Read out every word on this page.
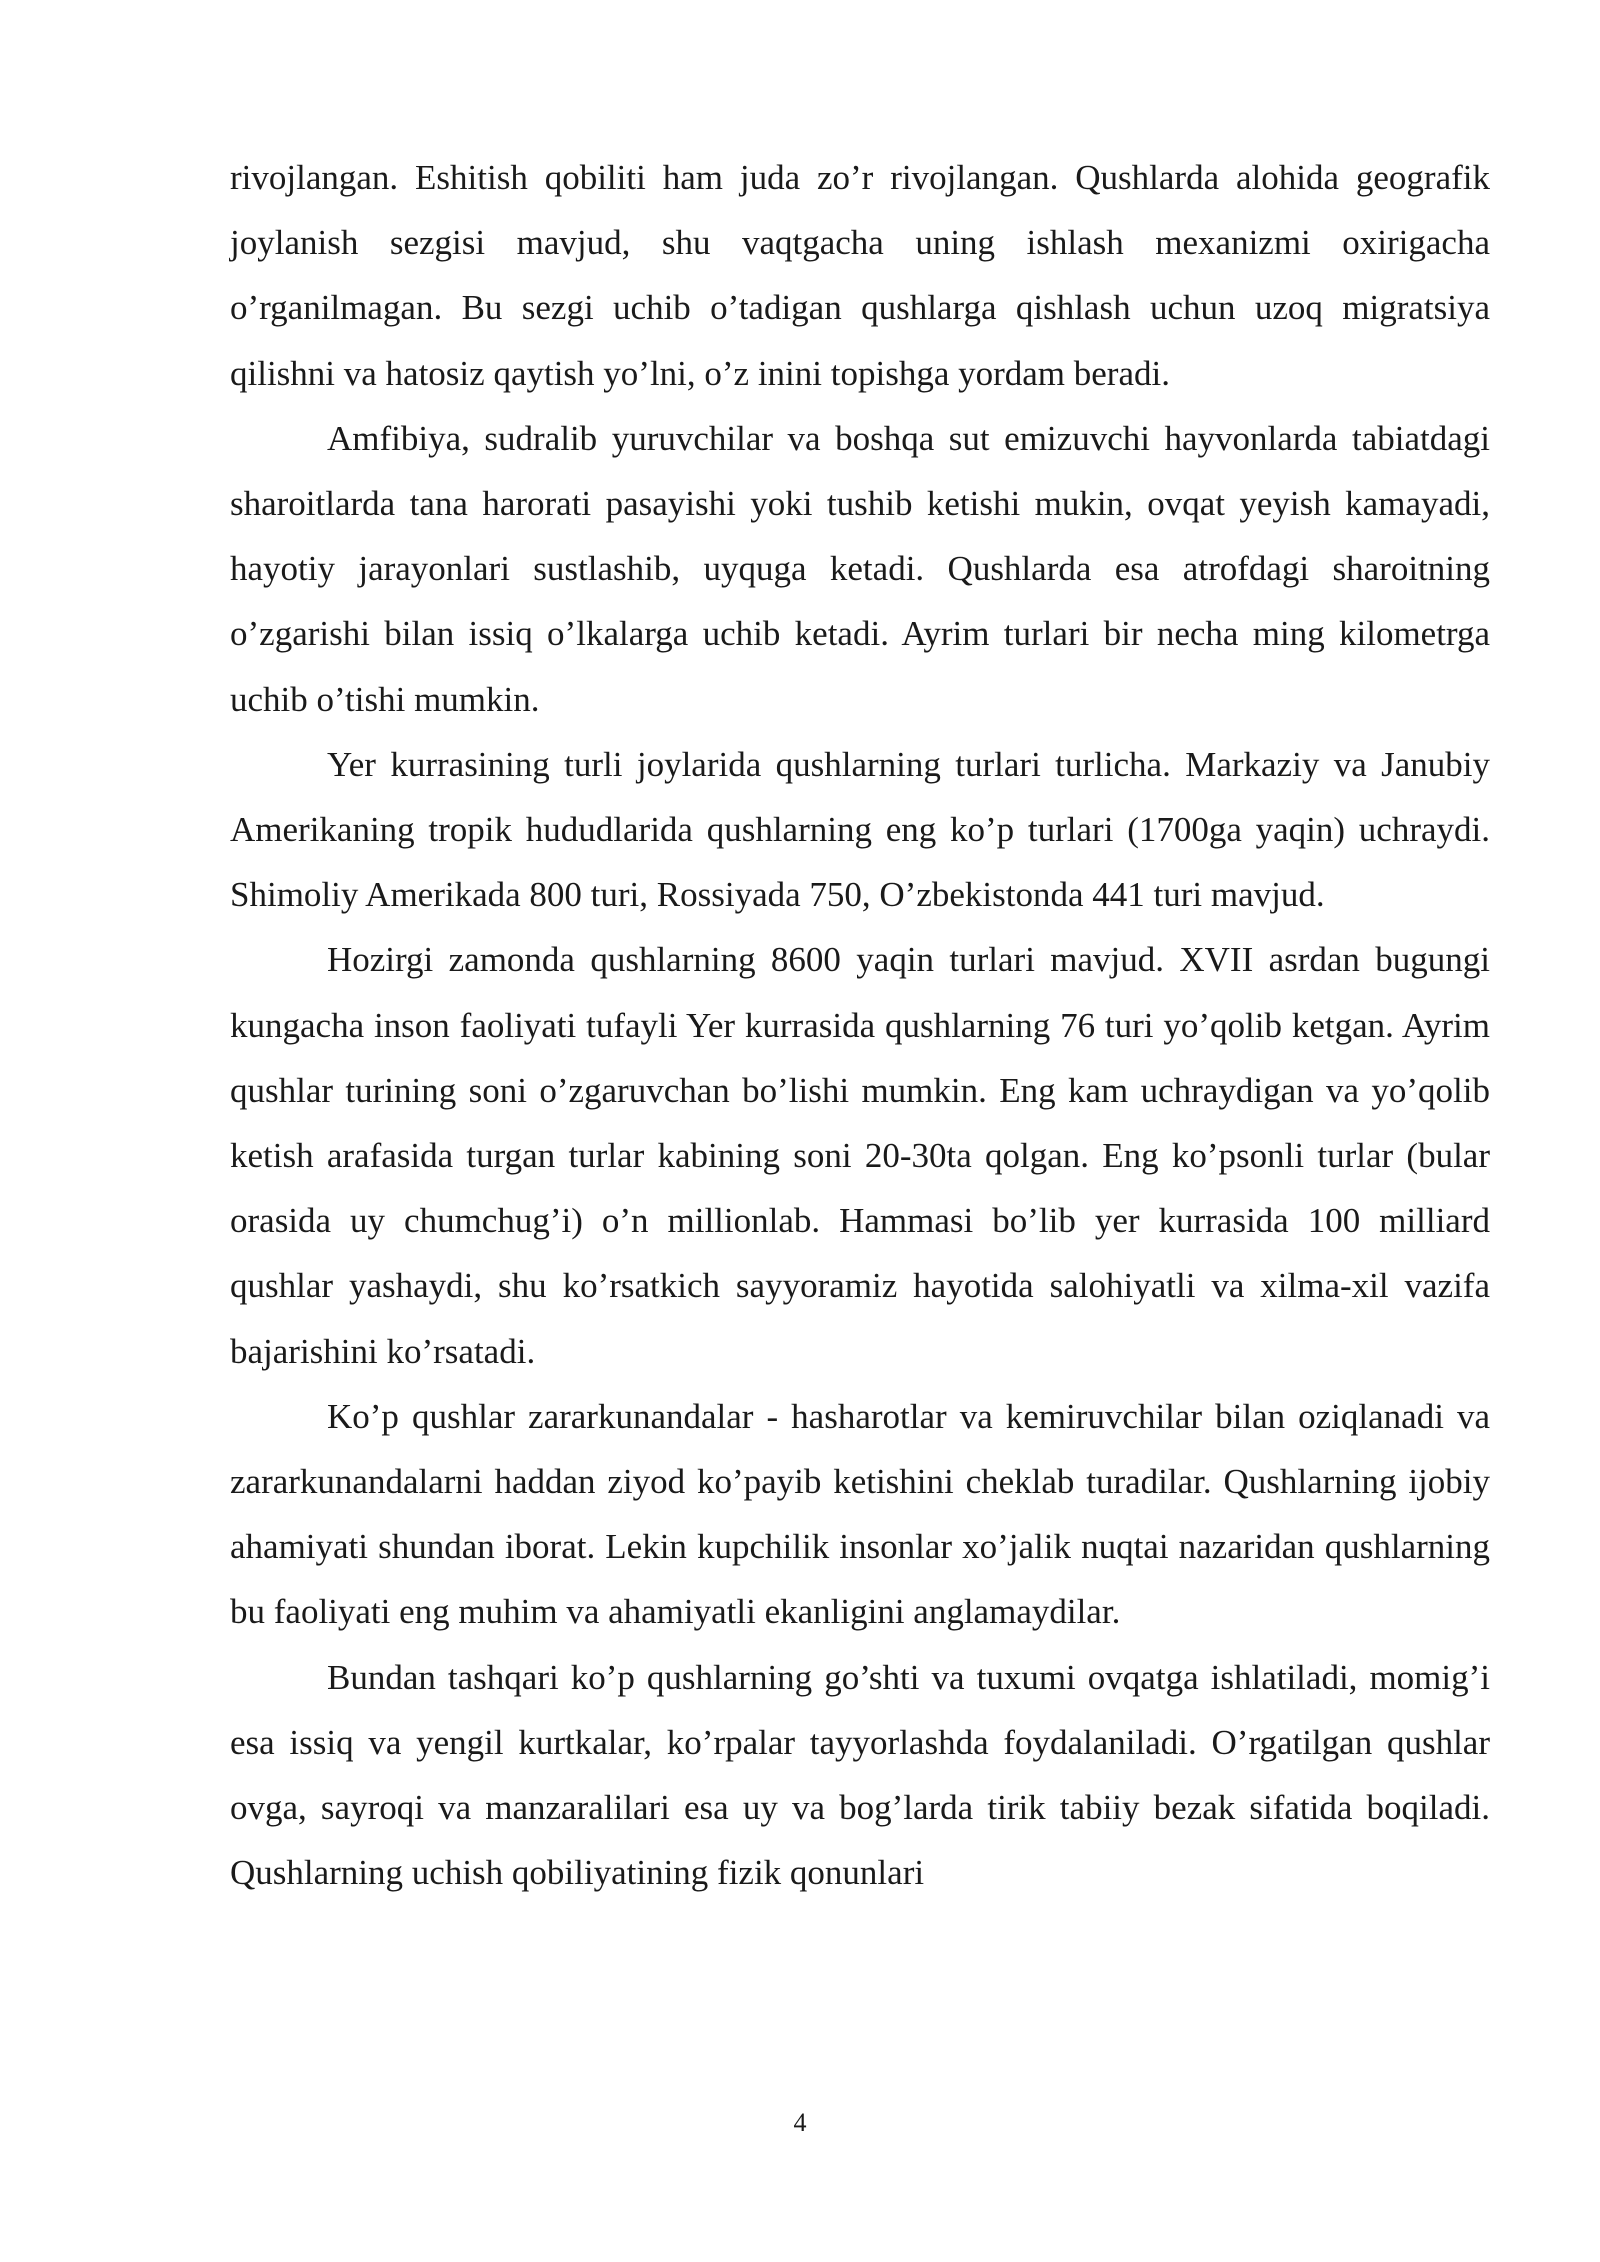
rivojlangan. Eshitish qobiliti ham juda zo’r rivojlangan. Qushlarda alohida geografik joylanish sezgisi mavjud, shu vaqtgacha uning ishlash mexanizmi oxirigacha o’rganilmagan. Bu sezgi uchib o’tadigan qushlarga qishlash uchun uzoq migratsiya qilishni va hatosiz qaytish yo’lni, o’z inini topishga yordam beradi.

Amfibiya, sudralib yuruvchilar va boshqa sut emizuvchi hayvonlarda tabiatdagi sharoitlarda tana harorati pasayishi yoki tushib ketishi mukin, ovqat yeyish kamayadi, hayotiy jarayonlari sustlashib, uyquga ketadi. Qushlarda esa atrofdagi sharoitning o’zgarishi bilan issiq o’lkalarga uchib ketadi. Ayrim turlari bir necha ming kilometrga uchib o’tishi mumkin.

Yer kurrasining turli joylarida qushlarning turlari turlicha. Markaziy va Janubiy Amerikaning tropik hududlarida qushlarning eng ko’p turlari (1700ga yaqin) uchraydi. Shimoliy Amerikada 800 turi, Rossiyada 750, O’zbekistonda 441 turi mavjud.

Hozirgi zamonda qushlarning 8600 yaqin turlari mavjud. XVII asrdan bugungi kungacha inson faoliyati tufayli Yer kurrasida qushlarning 76 turi yo’qolib ketgan. Ayrim qushlar turining soni o’zgaruvchan bo’lishi mumkin. Eng kam uchraydigan va yo’qolib ketish arafasida turgan turlar kabining soni 20-30ta qolgan. Eng ko’psonli turlar (bular orasida uy chumchug’i) o’n millionlab. Hammasi bo’lib yer kurrasida 100 milliard qushlar yashaydi, shu ko’rsatkich sayyoramiz hayotida salohiyatli va xilma-xil vazifa bajarishini ko’rsatadi.

Ko’p qushlar zararkunandalar - hasharotlar va kemiruvchilar bilan oziqlanadi va zararkunandalarni haddan ziyod ko’payib ketishini cheklab turadilar. Qushlarning ijobiy ahamiyati shundan iborat. Lekin kupchilik insonlar xo’jalik nuqtai nazaridan qushlarning bu faoliyati eng muhim va ahamiyatli ekanligini anglamaydilar.

Bundan tashqari ko’p qushlarning go’shti va tuxumi ovqatga ishlatiladi, momig’i esa issiq va yengil kurtkalar, ko’rpalar tayyorlashda foydalaniladi. O’rgatilgan qushlar ovga, sayroqi va manzaralilari esa uy va bog’larda tirik tabiiy bezak sifatida boqiladi. Qushlarning uchish qobiliyatining fizik qonunlari

4
